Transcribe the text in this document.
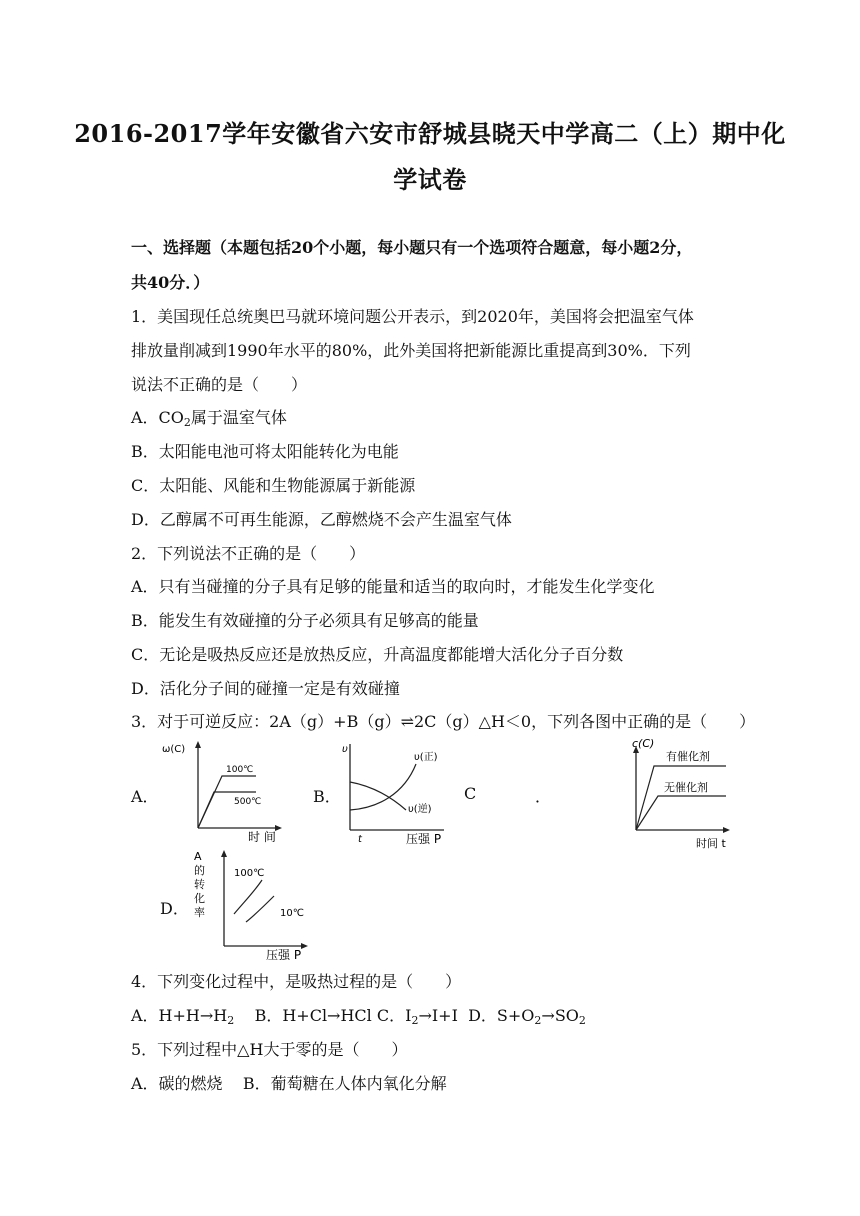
2016-2017学年安徽省六安市舒城县晓天中学高二（上）期中化
学试卷
一、选择题（本题包括20个小题，每小题只有一个选项符合题意，每小题2分，
共40分．）
1．美国现任总统奥巴马就环境问题公开表示，到2020年，美国将会把温室气体
排放量削减到1990年水平的80%，此外美国将把新能源比重提高到30%．下列
说法不正确的是（　　）
A．$CO_2$属于温室气体
B．太阳能电池可将太阳能转化为电能
C．太阳能、风能和生物能源属于新能源
D．乙醇属不可再生能源，乙醇燃烧不会产生温室气体
2．下列说法不正确的是（　　）
A．只有当碰撞的分子具有足够的能量和适当的取向时，才能发生化学变化
B．能发生有效碰撞的分子必须具有足够高的能量
C．无论是吸热反应还是放热反应，升高温度都能增大活化分子百分数
D．活化分子间的碰撞一定是有效碰撞
3．对于可逆反应：2A（g）+B（g）⇌2C（g）△H＜0，下列各图中正确的是（　　）
A．
ω(C)
100℃
500℃
时 间
B．
υ
υ(正)
υ(逆)
t	压强 P
C	．
c(C)
有催化剂
无催化剂
时间 t
D．
A
的
转
化
率
100℃
10℃
压强 P
4．下列变化过程中，是吸热过程的是（　　）
A．$H+H\to H_2$ B．H+Cl→HCl C．$I_2\to I+I$ D．$S+O_2\to SO_2$
5．下列过程中△H大于零的是（　　）
A．碳的燃烧 B．葡萄糖在人体内氧化分解
